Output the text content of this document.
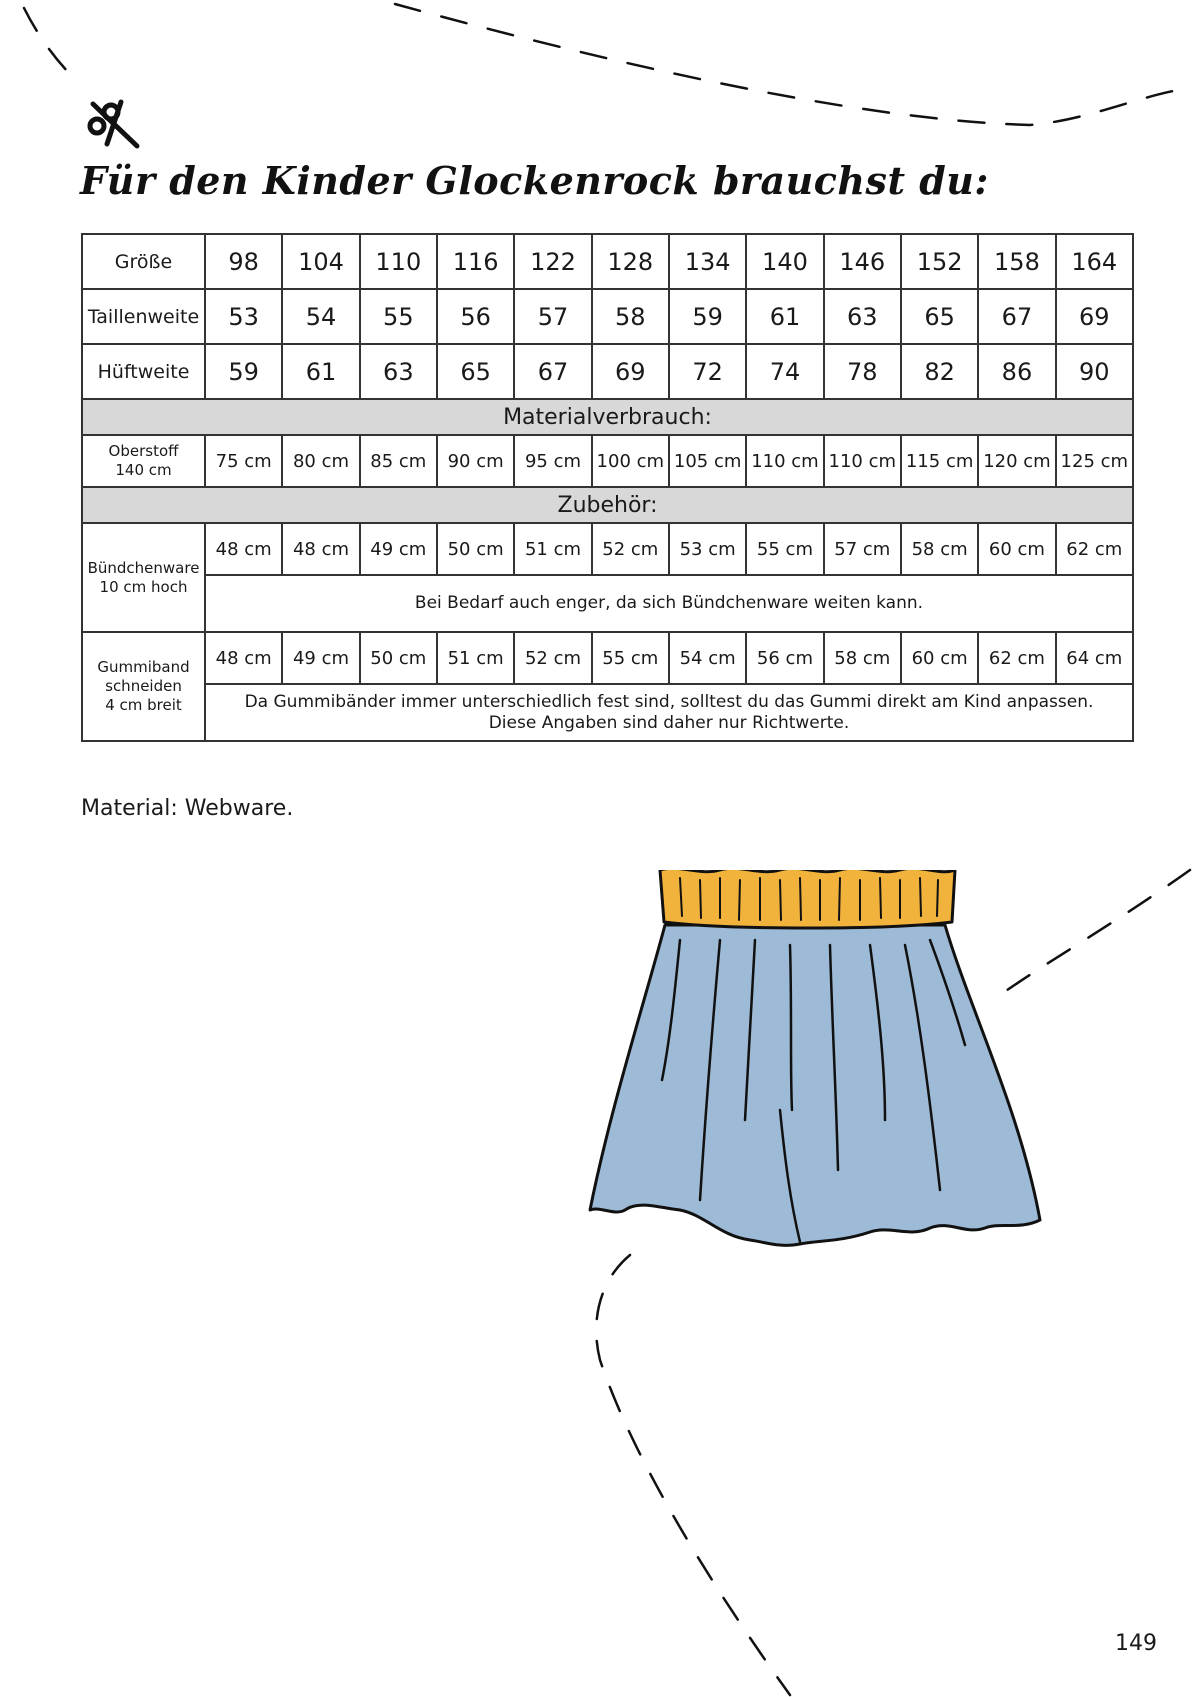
Für den Kinder Glockenrock brauchst du:
Größe	98	104	110	116	122	128	134	140	146	152	158	164
Taillenweite	53	54	55	56	57	58	59	61	63	65	67	69
Hüftweite	59	61	63	65	67	69	72	74	78	82	86	90
Materialverbrauch:												

Oberstoff
140 cm	75 cm	80 cm	85 cm	90 cm	95 cm	100 cm	105 cm	110 cm	110 cm	115 cm	120 cm	125 cm
Zubehör:												

Bündchenware
10 cm hoch	48 cm	48 cm	49 cm	50 cm	51 cm	52 cm	53 cm	55 cm	57 cm	58 cm	60 cm	62 cm
	Bei Bedarf auch enger, da sich Bündchenware weiten kann.											

Gummiband
schneiden
4 cm breit	48 cm	49 cm	50 cm	51 cm	52 cm	55 cm	54 cm	56 cm	58 cm	60 cm	62 cm	64 cm

	Da Gummibänder immer unterschiedlich fest sind, solltest du das Gummi direkt am Kind anpassen.
Diese Angaben sind daher nur Richtwerte.											

Material: Webware.

149
